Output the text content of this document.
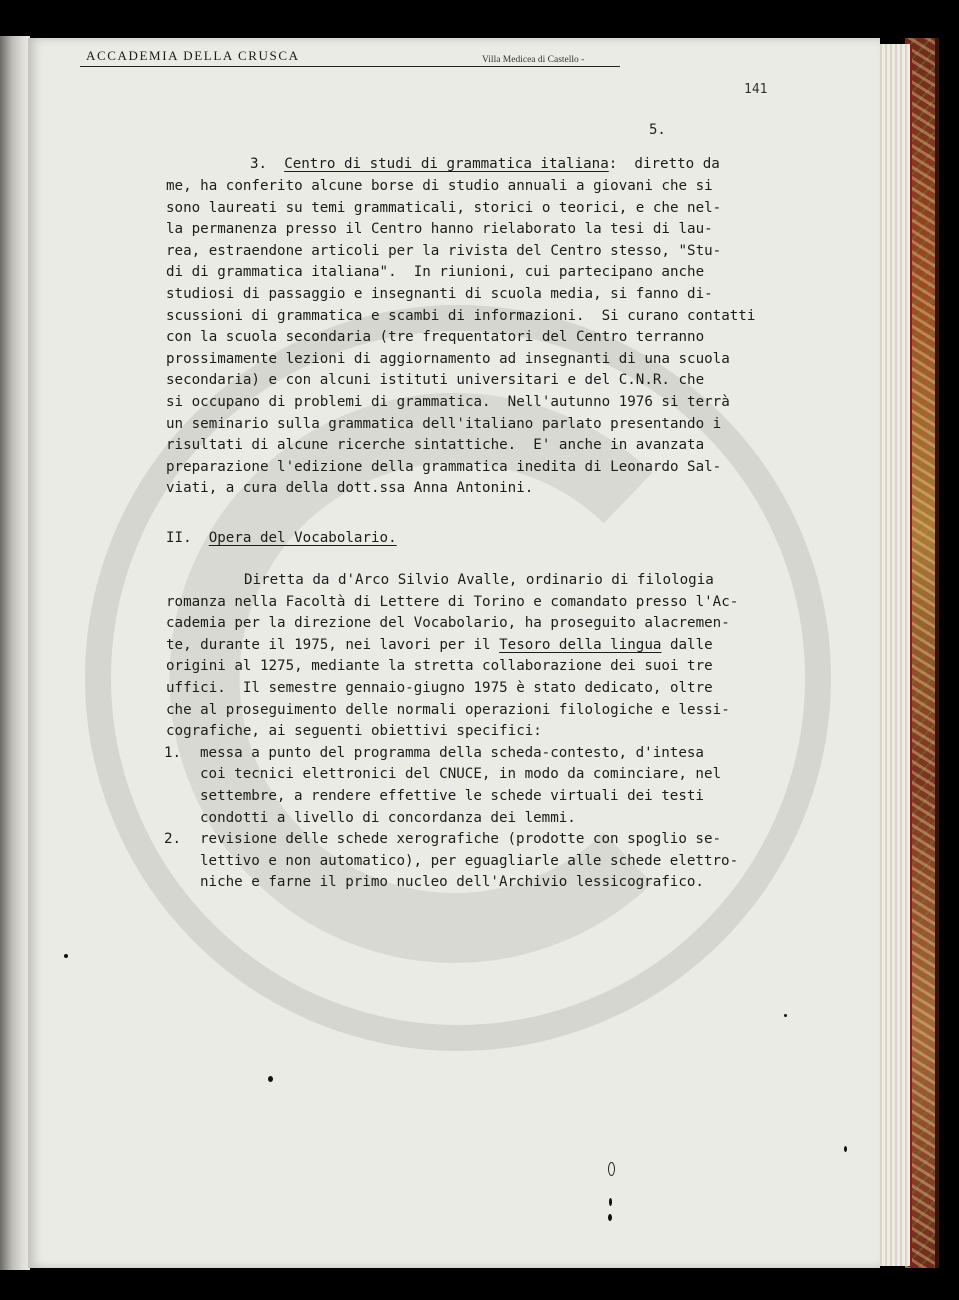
ACCADEMIA DELLA CRUSCA	Villa Medicea di Castello -
141
5.
3. Centro di studi di grammatica italiana:  diretto da
me, ha conferito alcune borse di studio annuali a giovani che si
sono laureati su temi grammaticali, storici o teorici, e che nel-
la permanenza presso il Centro hanno rielaborato la tesi di lau-
rea, estraendone articoli per la rivista del Centro stesso, "Stu-
di di grammatica italiana".  In riunioni, cui partecipano anche
studiosi di passaggio e insegnanti di scuola media, si fanno di-
scussioni di grammatica e scambi di informazioni.  Si curano contatti
con la scuola secondaria (tre frequentatori del Centro terranno
prossimamente lezioni di aggiornamento ad insegnanti di una scuola
secondaria) e con alcuni istituti universitari e del C.N.R. che
si occupano di problemi di grammatica.  Nell'autunno 1976 si terrà
un seminario sulla grammatica dell'italiano parlato presentando i
risultati di alcune ricerche sintattiche.  E' anche in avanzata
preparazione l'edizione della grammatica inedita di Leonardo Sal-
viati, a cura della dott.ssa Anna Antonini.
II. Opera del Vocabolario.
Diretta da d'Arco Silvio Avalle, ordinario di filologia
romanza nella Facoltà di Lettere di Torino e comandato presso l'Ac-
cademia per la direzione del Vocabolario, ha proseguito alacremen-
te, durante il 1975, nei lavori per il Tesoro della lingua dalle
origini al 1275, mediante la stretta collaborazione dei suoi tre
uffici.  Il semestre gennaio-giugno 1975 è stato dedicato, oltre
che al proseguimento delle normali operazioni filologiche e lessi-
cografiche, ai seguenti obiettivi specifici:
1. messa a punto del programma della scheda-contesto, d'intesa
coi tecnici elettronici del CNUCE, in modo da cominciare, nel
settembre, a rendere effettive le schede virtuali dei testi
condotti a livello di concordanza dei lemmi.
2. revisione delle schede xerografiche (prodotte con spoglio se-
lettivo e non automatico), per eguagliarle alle schede elettro-
niche e farne il primo nucleo dell'Archivio lessicografico.
